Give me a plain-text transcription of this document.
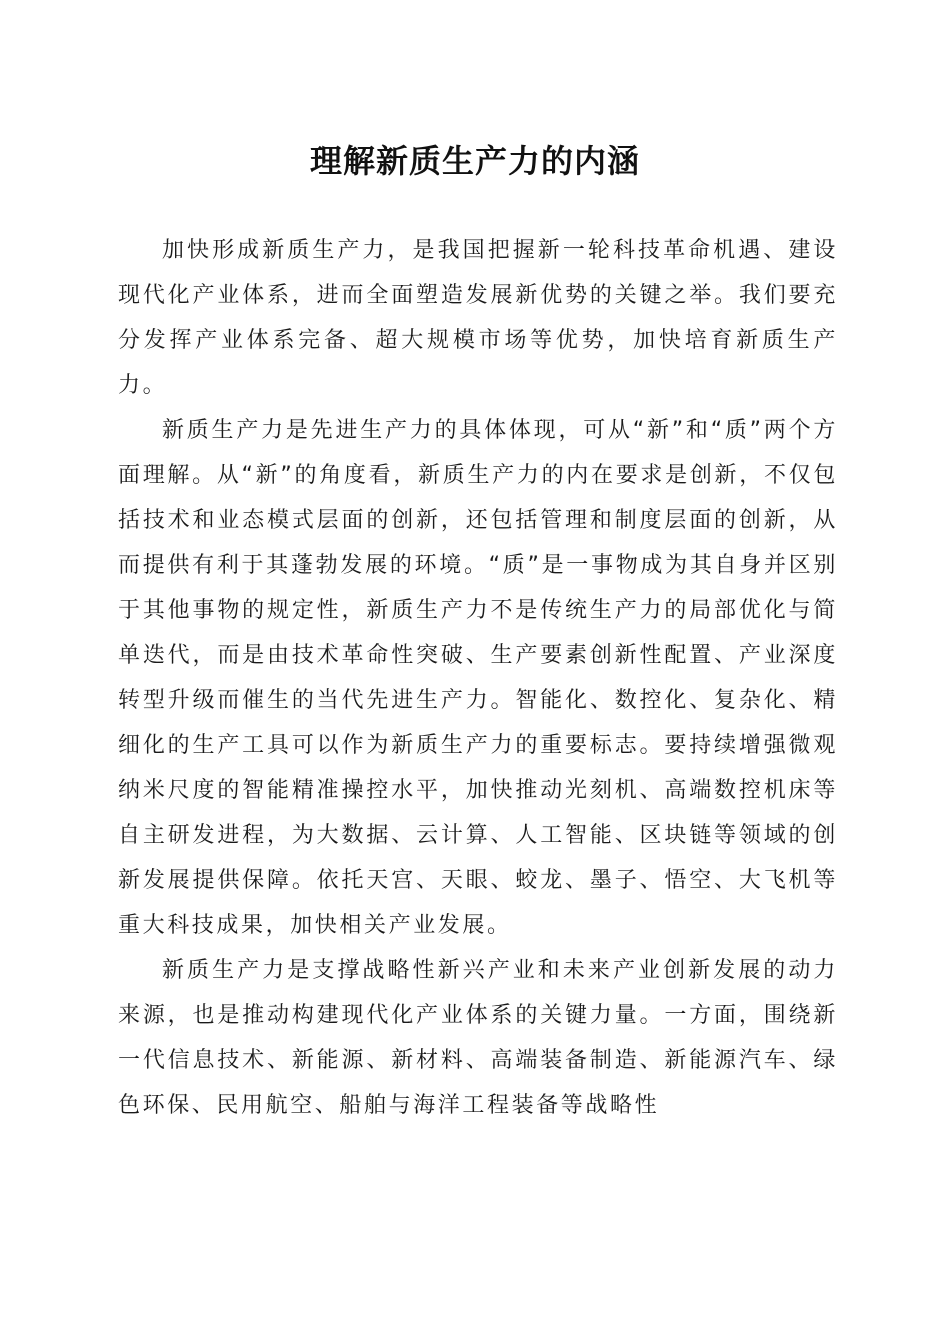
理解新质生产力的内涵

加快形成新质生产力，是我国把握新一轮科技革命机遇、建设现代化产业体系，进而全面塑造发展新优势的关键之举。我们要充分发挥产业体系完备、超大规模市场等优势，加快培育新质生产力。

新质生产力是先进生产力的具体体现，可从“新”和“质”两个方面理解。从“新”的角度看，新质生产力的内在要求是创新，不仅包括技术和业态模式层面的创新，还包括管理和制度层面的创新，从而提供有利于其蓬勃发展的环境。“质”是一事物成为其自身并区别于其他事物的规定性，新质生产力不是传统生产力的局部优化与简单迭代，而是由技术革命性突破、生产要素创新性配置、产业深度转型升级而催生的当代先进生产力。智能化、数控化、复杂化、精细化的生产工具可以作为新质生产力的重要标志。要持续增强微观纳米尺度的智能精准操控水平，加快推动光刻机、高端数控机床等自主研发进程，为大数据、云计算、人工智能、区块链等领域的创新发展提供保障。依托天宫、天眼、蛟龙、墨子、悟空、大飞机等重大科技成果，加快相关产业发展。

新质生产力是支撑战略性新兴产业和未来产业创新发展的动力来源，也是推动构建现代化产业体系的关键力量。一方面，围绕新一代信息技术、新能源、新材料、高端装备制造、新能源汽车、绿色环保、民用航空、船舶与海洋工程装备等战略性
